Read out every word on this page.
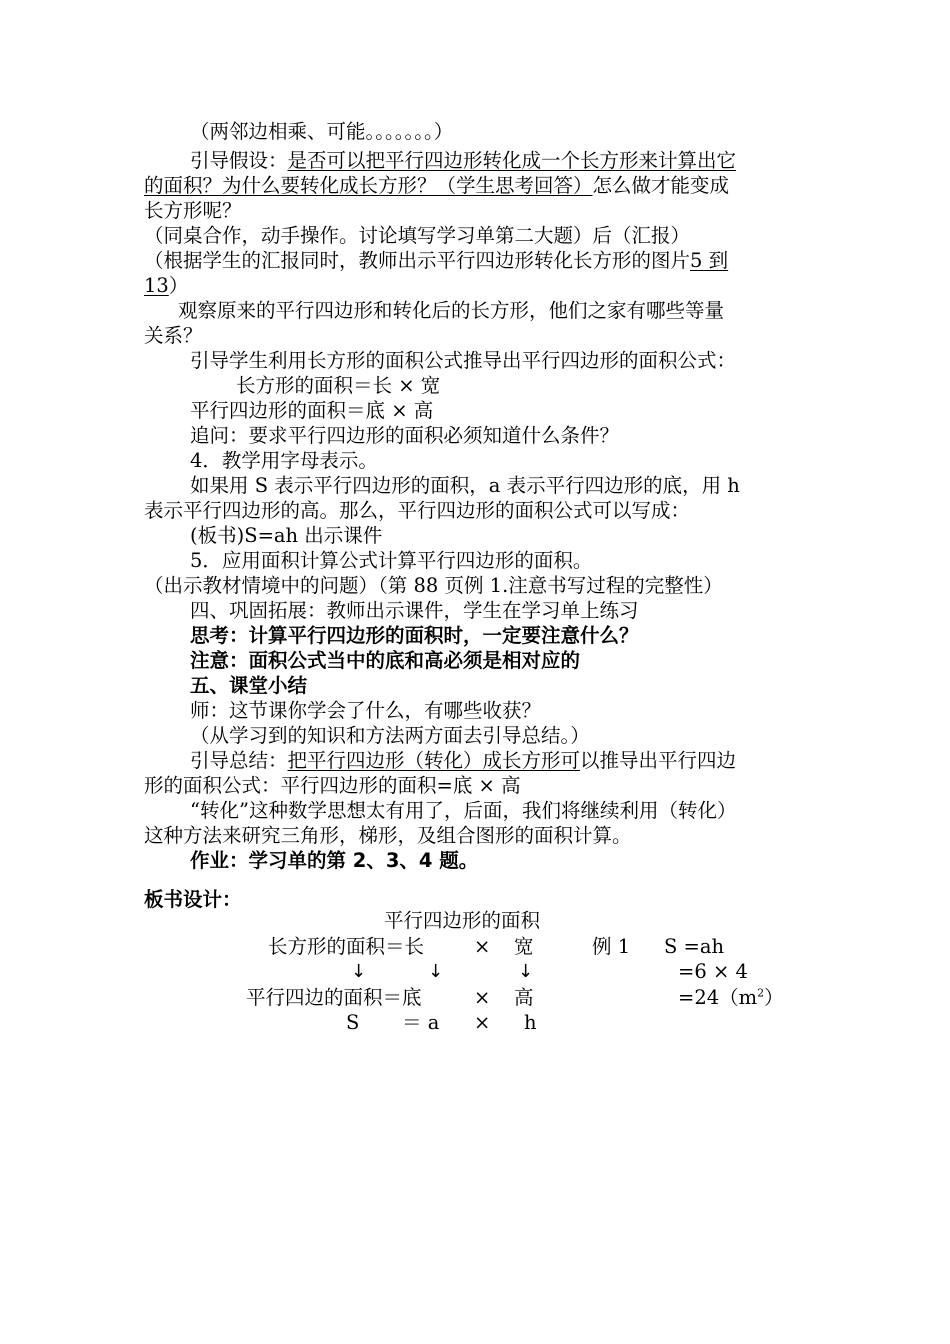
（两邻边相乘、可能。。。。。。。）
引导假设：是否可以把平行四边形转化成一个长方形来计算出它
的面积？为什么要转化成长方形？（学生思考回答）怎么做才能变成
长方形呢？
（同桌合作，动手操作。讨论填写学习单第二大题）后（汇报）
（根据学生的汇报同时，教师出示平行四边形转化长方形的图片5 到
13）
观察原来的平行四边形和转化后的长方形，他们之家有哪些等量
关系？
引导学生利用长方形的面积公式推导出平行四边形的面积公式：
长方形的面积＝长 × 宽
平行四边形的面积＝底 × 高
追问：要求平行四边形的面积必须知道什么条件？
4．教学用字母表示。
如果用 S 表示平行四边形的面积，a 表示平行四边形的底，用 h
表示平行四边形的高。那么，平行四边形的面积公式可以写成：
(板书)S=ah 出示课件
5．应用面积计算公式计算平行四边形的面积。
（出示教材情境中的问题）（第 88 页例 1.注意书写过程的完整性）
四、巩固拓展：教师出示课件，学生在学习单上练习
思考：计算平行四边形的面积时，一定要注意什么？
注意：面积公式当中的底和高必须是相对应的
五、课堂小结
师：这节课你学会了什么，有哪些收获？
（从学习到的知识和方法两方面去引导总结。）
引导总结：把平行四边形（转化）成长方形可以推导出平行四边
形的面积公式：平行四边形的面积=底 × 高
“转化”这种数学思想太有用了，后面，我们将继续利用（转化）
这种方法来研究三角形，梯形，及组合图形的面积计算。
作业：学习单的第 2、3、4 题。
板书设计：
平行四边形的面积
长方形的面积＝长	× 宽	例 1 S =ah
↓	↓	↓	=6 × 4
平行四边的面积＝底	× 高	$=24(m^2)$
S ＝ a × h
